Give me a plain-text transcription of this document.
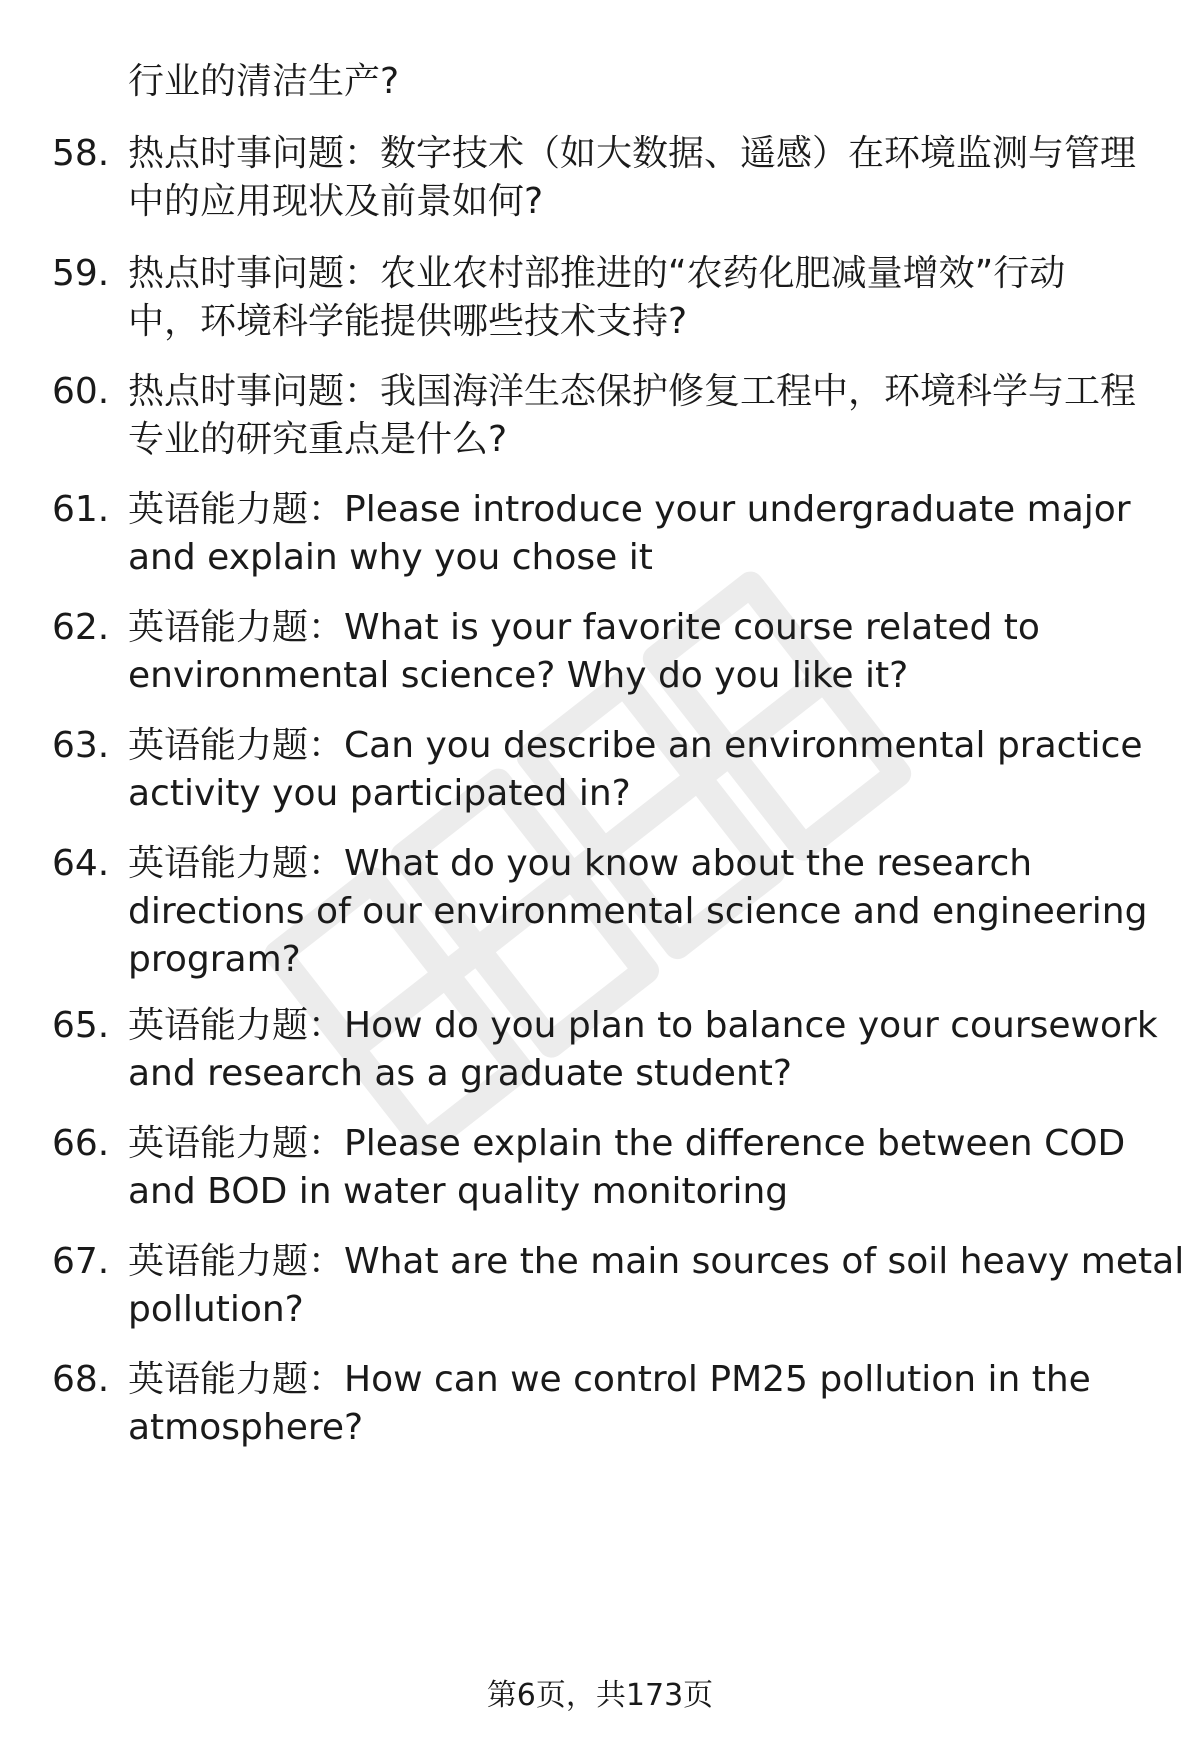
行业的清洁生产?
58. 热点时事问题：数字技术（如大数据、遥感）在环境监测与管理
中的应用现状及前景如何?
59. 热点时事问题：农业农村部推进的“农药化肥减量增效”行动
中，环境科学能提供哪些技术支持?
60. 热点时事问题：我国海洋生态保护修复工程中，环境科学与工程
专业的研究重点是什么?
61. 英语能力题：Please introduce your undergraduate major
and explain why you chose it
62. 英语能力题：What is your favorite course related to
environmental science? Why do you like it?
63. 英语能力题：Can you describe an environmental practice
activity you participated in?
64. 英语能力题：What do you know about the research
directions of our environmental science and engineering
program?
65. 英语能力题：How do you plan to balance your coursework
and research as a graduate student?
66. 英语能力题：Please explain the difference between COD
and BOD in water quality monitoring
67. 英语能力题：What are the main sources of soil heavy metal
pollution?
68. 英语能力题：How can we control PM25 pollution in the
atmosphere?
第6页，共173页
